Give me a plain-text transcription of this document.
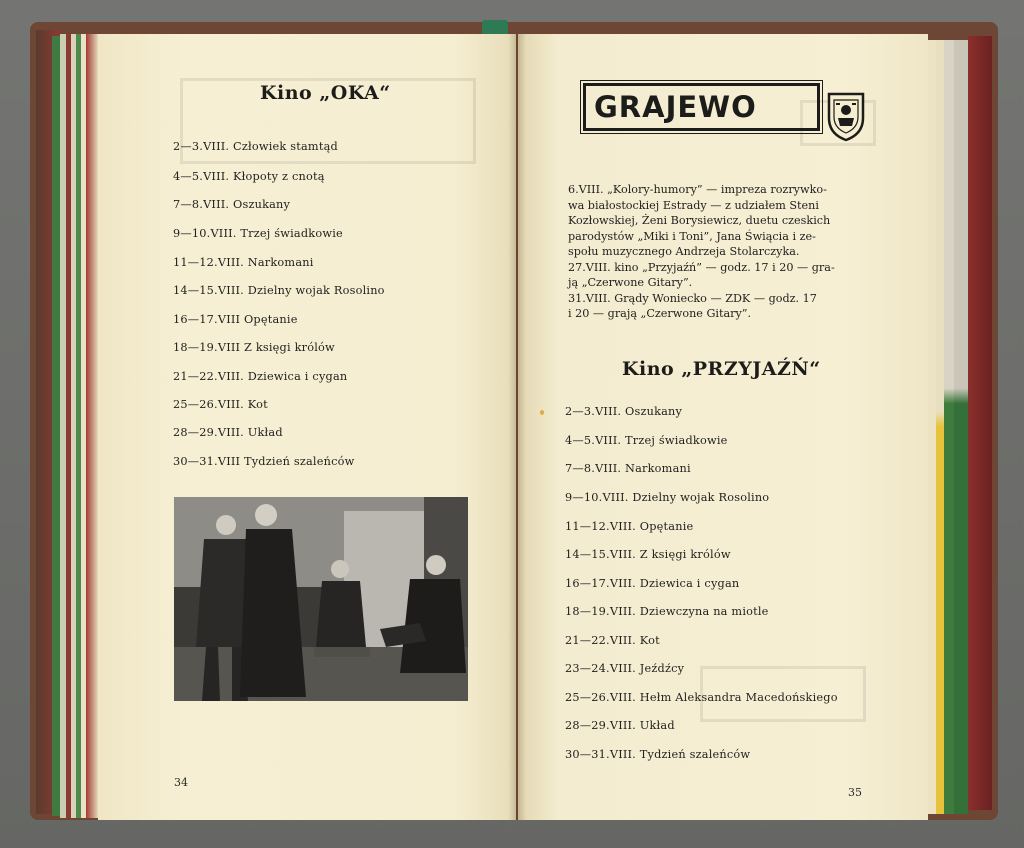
Kino „OKA“
2—3.VIII. Człowiek stamtąd
4—5.VIII. Kłopoty z cnotą
7—8.VIII. Oszukany
9—10.VIII. Trzej świadkowie
11—12.VIII. Narkomani
14—15.VIII. Dzielny wojak Rosolino
16—17.VIII Opętanie
18—19.VIII Z księgi królów
21—22.VIII. Dziewica i cygan
25—26.VIII. Kot
28—29.VIII. Układ
30—31.VIII Tydzień szaleńców
34
GRAJEWO
6.VIII. „Kolory-humory” — impreza rozrywko-
wa białostockiej Estrady — z udziałem Steni
Kozłowskiej, Żeni Borysiewicz, duetu czeskich
parodystów „Miki i Toni”, Jana Świącia i ze-
społu muzycznego Andrzeja Stolarczyka.
27.VIII. kino „Przyjaźń” — godz. 17 i 20 — gra-
ją „Czerwone Gitary”.
31.VIII. Grądy Woniecko — ZDK — godz. 17
i 20 — grają „Czerwone Gitary”.
Kino „PRZYJAŹŃ“
2—3.VIII. Oszukany
4—5.VIII. Trzej świadkowie
7—8.VIII. Narkomani
9—10.VIII. Dzielny wojak Rosolino
11—12.VIII. Opętanie
14—15.VIII. Z księgi królów
16—17.VIII. Dziewica i cygan
18—19.VIII. Dziewczyna na miotle
21—22.VIII. Kot
23—24.VIII. Jeźdźcy
25—26.VIII. Hełm Aleksandra Macedońskiego
28—29.VIII. Układ
30—31.VIII. Tydzień szaleńców
35
